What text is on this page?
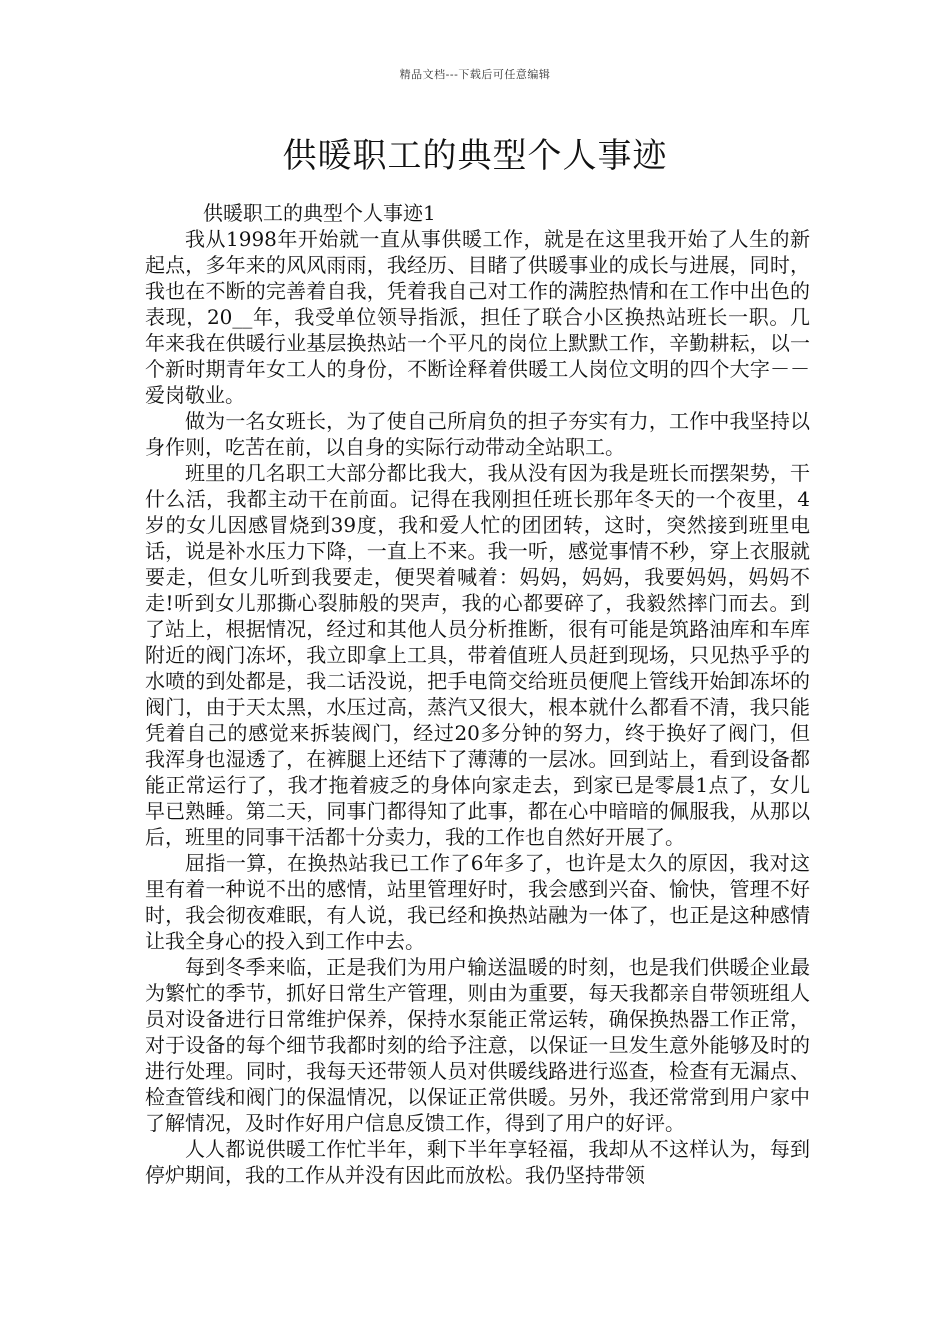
精品文档---下载后可任意编辑
供暖职工的典型个人事迹

供暖职工的典型个人事迹1

我从1998年开始就一直从事供暖工作，就是在这里我开始了人生的新起点，多年来的风风雨雨，我经历、目睹了供暖事业的成长与进展，同时，我也在不断的完善着自我，凭着我自己对工作的满腔热情和在工作中出色的表现，20__年，我受单位领导指派，担任了联合小区换热站班长一职。几年来我在供暖行业基层换热站一个平凡的岗位上默默工作，辛勤耕耘，以一个新时期青年女工人的身份，不断诠释着供暖工人岗位文明的四个大字－－爱岗敬业。

做为一名女班长，为了使自己所肩负的担子夯实有力，工作中我坚持以身作则，吃苦在前，以自身的实际行动带动全站职工。

班里的几名职工大部分都比我大，我从没有因为我是班长而摆架势，干什么活，我都主动干在前面。记得在我刚担任班长那年冬天的一个夜里，4岁的女儿因感冒烧到39度，我和爱人忙的团团转，这时，突然接到班里电话，说是补水压力下降，一直上不来。我一听，感觉事情不秒，穿上衣服就要走，但女儿听到我要走，便哭着喊着：妈妈，妈妈，我要妈妈，妈妈不走!听到女儿那撕心裂肺般的哭声，我的心都要碎了，我毅然摔门而去。到了站上，根据情况，经过和其他人员分析推断，很有可能是筑路油库和车库附近的阀门冻坏，我立即拿上工具，带着值班人员赶到现场，只见热乎乎的水喷的到处都是，我二话没说，把手电筒交给班员便爬上管线开始卸冻坏的阀门，由于天太黑，水压过高，蒸汽又很大，根本就什么都看不清，我只能凭着自己的感觉来拆装阀门，经过20多分钟的努力，终于换好了阀门，但我浑身也湿透了，在裤腿上还结下了薄薄的一层冰。回到站上，看到设备都能正常运行了，我才拖着疲乏的身体向家走去，到家已是零晨1点了，女儿早已熟睡。第二天，同事门都得知了此事，都在心中暗暗的佩服我，从那以后，班里的同事干活都十分卖力，我的工作也自然好开展了。

屈指一算，在换热站我已工作了6年多了，也许是太久的原因，我对这里有着一种说不出的感情，站里管理好时，我会感到兴奋、愉快，管理不好时，我会彻夜难眠，有人说，我已经和换热站融为一体了，也正是这种感情让我全身心的投入到工作中去。

每到冬季来临，正是我们为用户输送温暖的时刻，也是我们供暖企业最为繁忙的季节，抓好日常生产管理，则由为重要，每天我都亲自带领班组人员对设备进行日常维护保养，保持水泵能正常运转，确保换热器工作正常，对于设备的每个细节我都时刻的给予注意，以保证一旦发生意外能够及时的进行处理。同时，我每天还带领人员对供暖线路进行巡查，检查有无漏点、检查管线和阀门的保温情况，以保证正常供暖。另外，我还常常到用户家中了解情况，及时作好用户信息反馈工作，得到了用户的好评。

人人都说供暖工作忙半年，剩下半年享轻福，我却从不这样认为，每到停炉期间，我的工作从并没有因此而放松。我仍坚持带领
